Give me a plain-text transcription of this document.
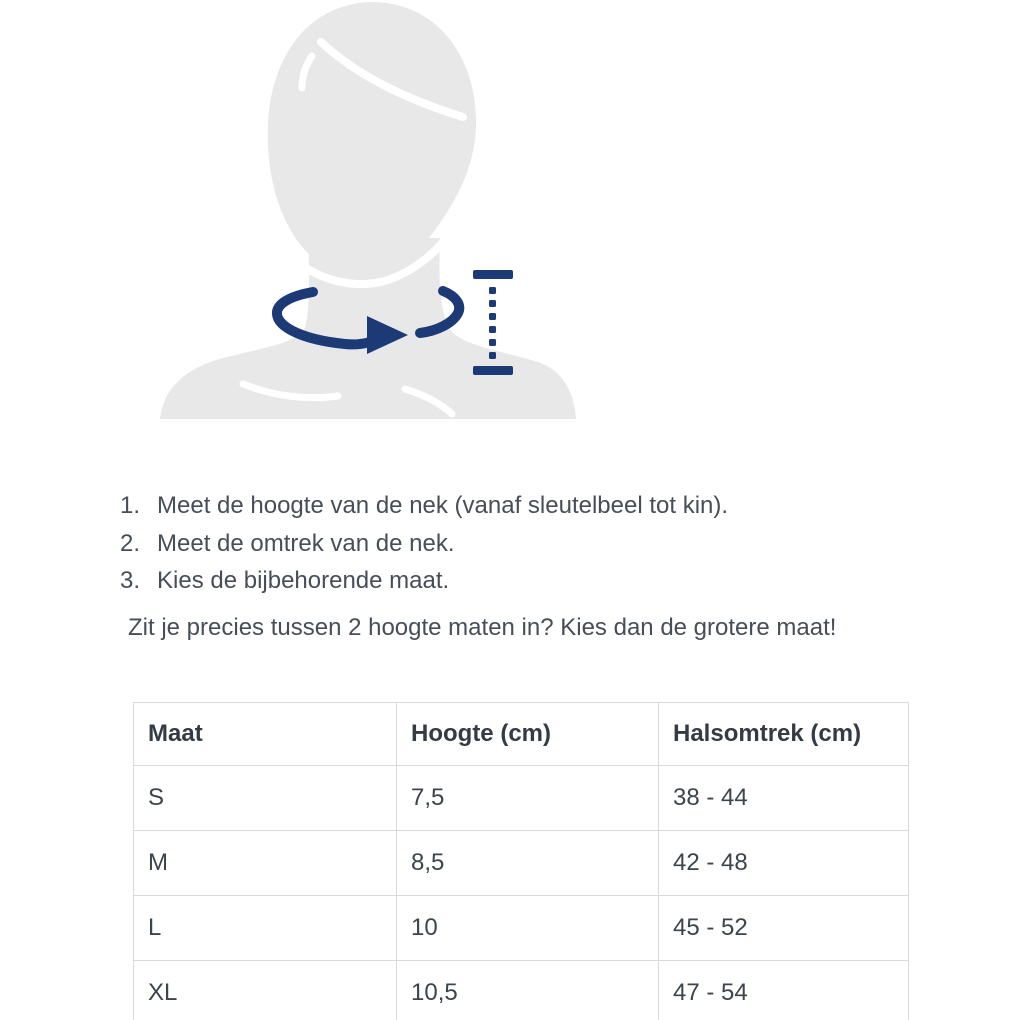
1. Meet de hoogte van de nek (vanaf sleutelbeel tot kin).
2. Meet de omtrek van de nek.
3. Kies de bijbehorende maat.
Zit je precies tussen 2 hoogte maten in? Kies dan de grotere maat!
Maat	Hoogte (cm)	Halsomtrek (cm)
S	7,5	38 - 44
M	8,5	42 - 48
L	10	45 - 52
XL	10,5	47 - 54
